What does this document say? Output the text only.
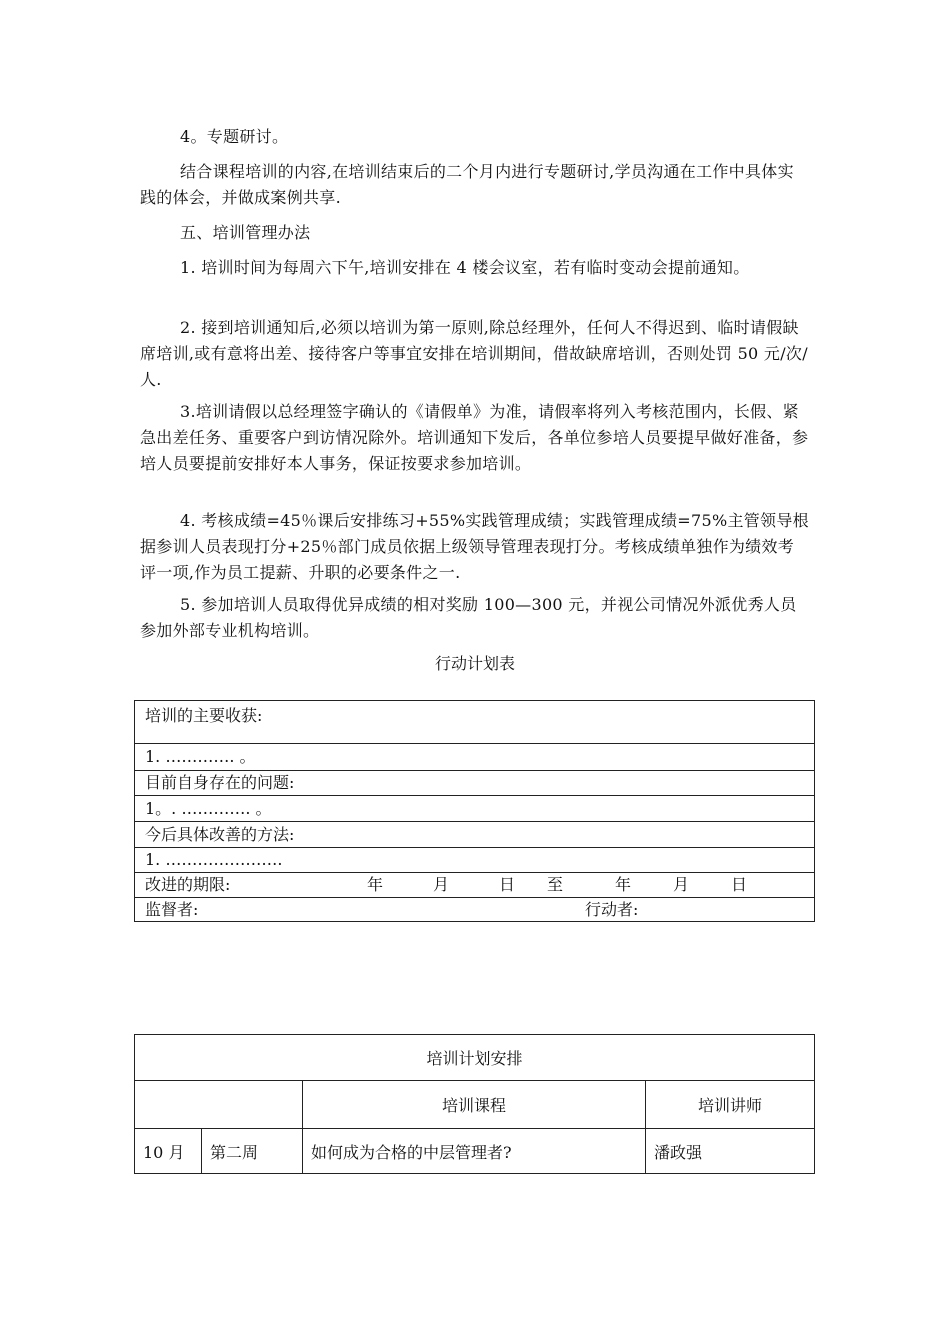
4。专题研讨。

结合课程培训的内容,在培训结束后的二个月内进行专题研讨,学员沟通在工作中具体实践的体会，并做成案例共享.

五、培训管理办法

1. 培训时间为每周六下午,培训安排在 4 楼会议室，若有临时变动会提前通知。

2. 接到培训通知后,必须以培训为第一原则,除总经理外，任何人不得迟到、临时请假缺席培训,或有意将出差、接待客户等事宜安排在培训期间，借故缺席培训，否则处罚 50 元/次/人.

3.培训请假以总经理签字确认的《请假单》为准，请假率将列入考核范围内，长假、紧急出差任务、重要客户到访情况除外。培训通知下发后，各单位参培人员要提早做好准备，参培人员要提前安排好本人事务，保证按要求参加培训。

4. 考核成绩=45％课后安排练习+55%实践管理成绩；实践管理成绩=75%主管领导根据参训人员表现打分+25％部门成员依据上级领导管理表现打分。考核成绩单独作为绩效考评一项,作为员工提薪、升职的必要条件之一.

5. 参加培训人员取得优异成绩的相对奖励 100—300 元，并视公司情况外派优秀人员参加外部专业机构培训。

行动计划表
培训的主要收获:
1. …………. 。
目前自身存在的问题:
1。. …………. 。
今后具体改善的方法:
1. ………………….
改进的期限:	年	月	日 至	年	月	日
监督者:	行动者:
培训计划安排			
		培训课程	培训讲师
10 月	第二周	如何成为合格的中层管理者?	潘政强
